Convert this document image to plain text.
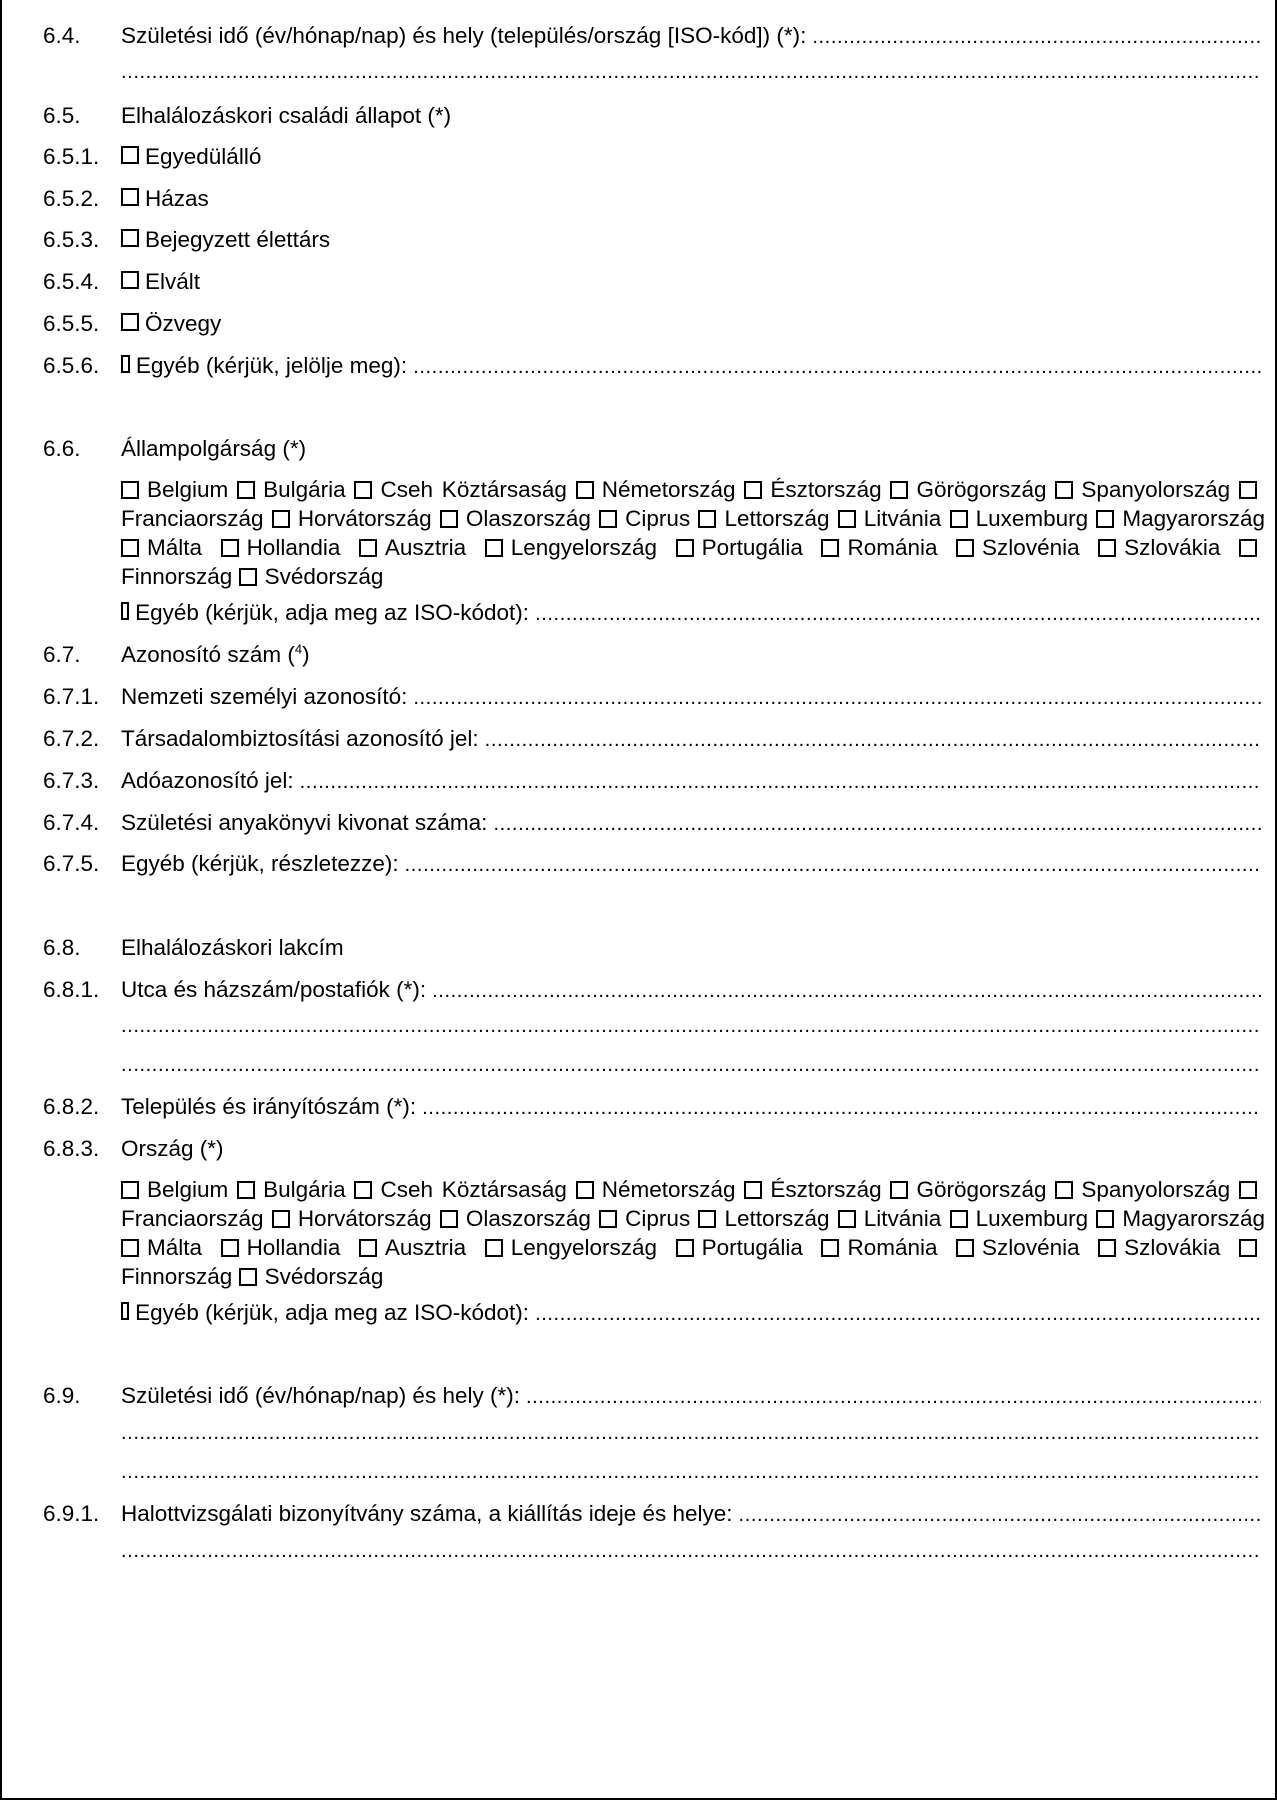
6.4. Születési idő (év/hónap/nap) és hely (település/ország [ISO-kód]) (*):
.....
.....
6.5. Elhalálozáskori családi állapot (*)
6.5.1. Egyedülálló
6.5.2. Házas
6.5.3. Bejegyzett élettárs
6.5.4. Elvált
6.5.5. Özvegy
6.5.6. Egyéb (kérjük, jelölje meg):
.....
6.6. Állampolgárság (*)
Belgium Bulgária Cseh Köztársaság Németország Észtország Görögország Spanyolország Franciaország Horvátország Olaszország Ciprus Lettország Litvánia Luxemburg Magyarország Málta Hollandia Ausztria Lengyelország Portugália Románia Szlovénia Szlovákia Finnország Svédország
Egyéb (kérjük, adja meg az ISO-kódot):
.....
6.7. Azonosító szám ($^4$)
6.7.1. Nemzeti személyi azonosító:
.....
6.7.2. Társadalombiztosítási azonosító jel:
.....
6.7.3. Adóazonosító jel:
.....
6.7.4. Születési anyakönyvi kivonat száma:
.....
6.7.5. Egyéb (kérjük, részletezze):
.....
6.8. Elhalálozáskori lakcím
6.8.1. Utca és házszám/postafiók (*):
.....
.....
.....
6.8.2. Település és irányítószám (*):
.....
6.8.3. Ország (*)
Belgium Bulgária Cseh Köztársaság Németország Észtország Görögország Spanyolország Franciaország Horvátország Olaszország Ciprus Lettország Litvánia Luxemburg Magyarország Málta Hollandia Ausztria Lengyelország Portugália Románia Szlovénia Szlovákia Finnország Svédország
Egyéb (kérjük, adja meg az ISO-kódot):
.....
6.9. Születési idő (év/hónap/nap) és hely (*):
.....
.....
.....
6.9.1. Halottvizsgálati bizonyítvány száma, a kiállítás ideje és helye:
.....
.....
